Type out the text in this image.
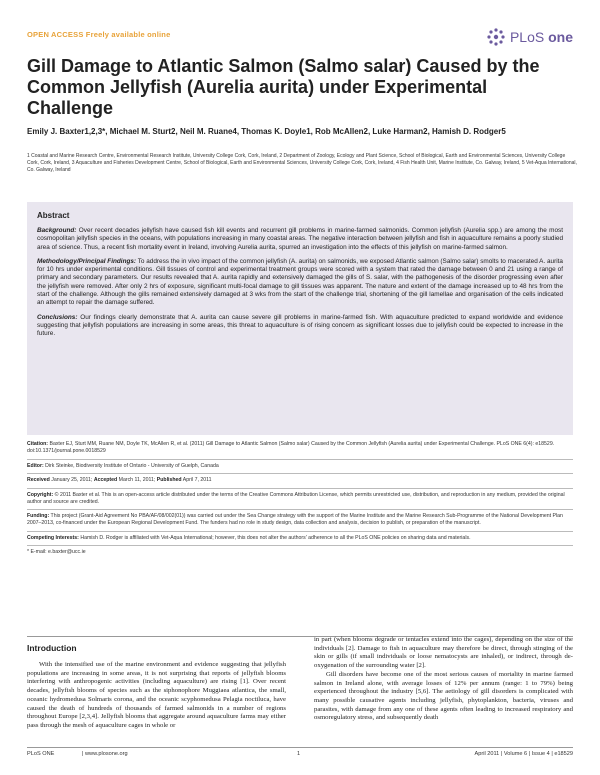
OPEN ACCESS Freely available online	PLoS one
Gill Damage to Atlantic Salmon (Salmo salar) Caused by the Common Jellyfish (Aurelia aurita) under Experimental Challenge
Emily J. Baxter1,2,3*, Michael M. Sturt2, Neil M. Ruane4, Thomas K. Doyle1, Rob McAllen2, Luke Harman2, Hamish D. Rodger5
1 Coastal and Marine Research Centre, Environmental Research Institute, University College Cork, Cork, Ireland, 2 Department of Zoology, Ecology and Plant Science, School of Biological, Earth and Environmental Sciences, University College Cork, Cork, Ireland, 3 Aquaculture and Fisheries Development Centre, School of Biological, Earth and Environmental Sciences, University College Cork, Cork, Ireland, 4 Fish Health Unit, Marine Institute, Co. Galway, Ireland, 5 Vet-Aqua International, Co. Galway, Ireland
Abstract

Background: Over recent decades jellyfish have caused fish kill events and recurrent gill problems in marine-farmed salmonids. Common jellyfish (Aurelia spp.) are among the most cosmopolitan jellyfish species in the oceans, with populations increasing in many coastal areas. The negative interaction between jellyfish and fish in aquaculture remains a poorly studied area of science. Thus, a recent fish mortality event in Ireland, involving Aurelia aurita, spurred an investigation into the effects of this jellyfish on marine-farmed salmon.

Methodology/Principal Findings: To address the in vivo impact of the common jellyfish (A. aurita) on salmonids, we exposed Atlantic salmon (Salmo salar) smolts to macerated A. aurita for 10 hrs under experimental conditions. Gill tissues of control and experimental treatment groups were scored with a system that rated the damage between 0 and 21 using a range of primary and secondary parameters. Our results revealed that A. aurita rapidly and extensively damaged the gills of S. salar, with the pathogenesis of the disorder progressing even after the jellyfish were removed. After only 2 hrs of exposure, significant multi-focal damage to gill tissues was apparent. The nature and extent of the damage increased up to 48 hrs from the start of the challenge. Although the gills remained extensively damaged at 3 wks from the start of the challenge trial, shortening of the gill lamellae and organisation of the cells indicated an attempt to repair the damage suffered.

Conclusions: Our findings clearly demonstrate that A. aurita can cause severe gill problems in marine-farmed fish. With aquaculture predicted to expand worldwide and evidence suggesting that jellyfish populations are increasing in some areas, this threat to aquaculture is of rising concern as significant losses due to jellyfish could be expected to increase in the future.

Citation: Baxter EJ, Sturt MM, Ruane NM, Doyle TK, McAllen R, et al. (2011) Gill Damage to Atlantic Salmon (Salmo salar) Caused by the Common Jellyfish (Aurelia aurita) under Experimental Challenge. PLoS ONE 6(4): e18529. doi:10.1371/journal.pone.0018529

Editor: Dirk Steinke, Biodiversity Institute of Ontario - University of Guelph, Canada

Received January 25, 2011; Accepted March 11, 2011; Published April 7, 2011

Copyright: © 2011 Baxter et al. This is an open-access article distributed under the terms of the Creative Commons Attribution License, which permits unrestricted use, distribution, and reproduction in any medium, provided the original author and source are credited.

Funding: This project (Grant-Aid Agreement No PBA/AF/08/002(01)) was carried out under the Sea Change strategy with the support of the Marine Institute and the Marine Research Sub-Programme of the National Development Plan 2007–2013, co-financed under the European Regional Development Fund. The funders had no role in study design, data collection and analysis, decision to publish, or preparation of the manuscript.

Competing Interests: Hamish D. Rodger is affiliated with Vet-Aqua International; however, this does not alter the authors' adherence to all the PLoS ONE policies on sharing data and materials.

* E-mail: e.baxter@ucc.ie

Introduction
With the intensified use of the marine environment and evidence suggesting that jellyfish populations are increasing in some areas, it is not surprising that reports of jellyfish blooms interfering with anthropogenic activities (including aquaculture) are rising [1]. Over recent decades, jellyfish blooms of species such as the siphonophore Muggiaea atlantica, the small, oceanic hydromedusa Solmaris corona, and the oceanic scyphomedusa Pelagia noctiluca, have caused the death of hundreds of thousands of farmed salmonids in a number of regions throughout Europe [2,3,4]. Jellyfish blooms that aggregate around aquaculture farms may either pass through the mesh of aquaculture cages in whole or

in part (when blooms degrade or tentacles extend into the cages), depending on the size of the individuals [2]. Damage to fish in aquaculture may therefore be direct, through stinging of the skin or gills (if small individuals or loose nematocysts are inhaled), or indirect, through de-oxygenation of the surrounding water [2].

Gill disorders have become one of the most serious causes of mortality in marine farmed salmon in Ireland alone, with average losses of 12% per annum (range: 1 to 79%) being experienced throughout the industry [5,6]. The aetiology of gill disorders is complicated with many possible causative agents including jellyfish, phytoplankton, bacteria, viruses and parasites, with damage from any one of these agents often leading to increased respiratory and osmoregulatory stress, and subsequently death

PLoS ONE	| www.plosone.org	1	April 2011 | Volume 6 | Issue 4 | e18529
